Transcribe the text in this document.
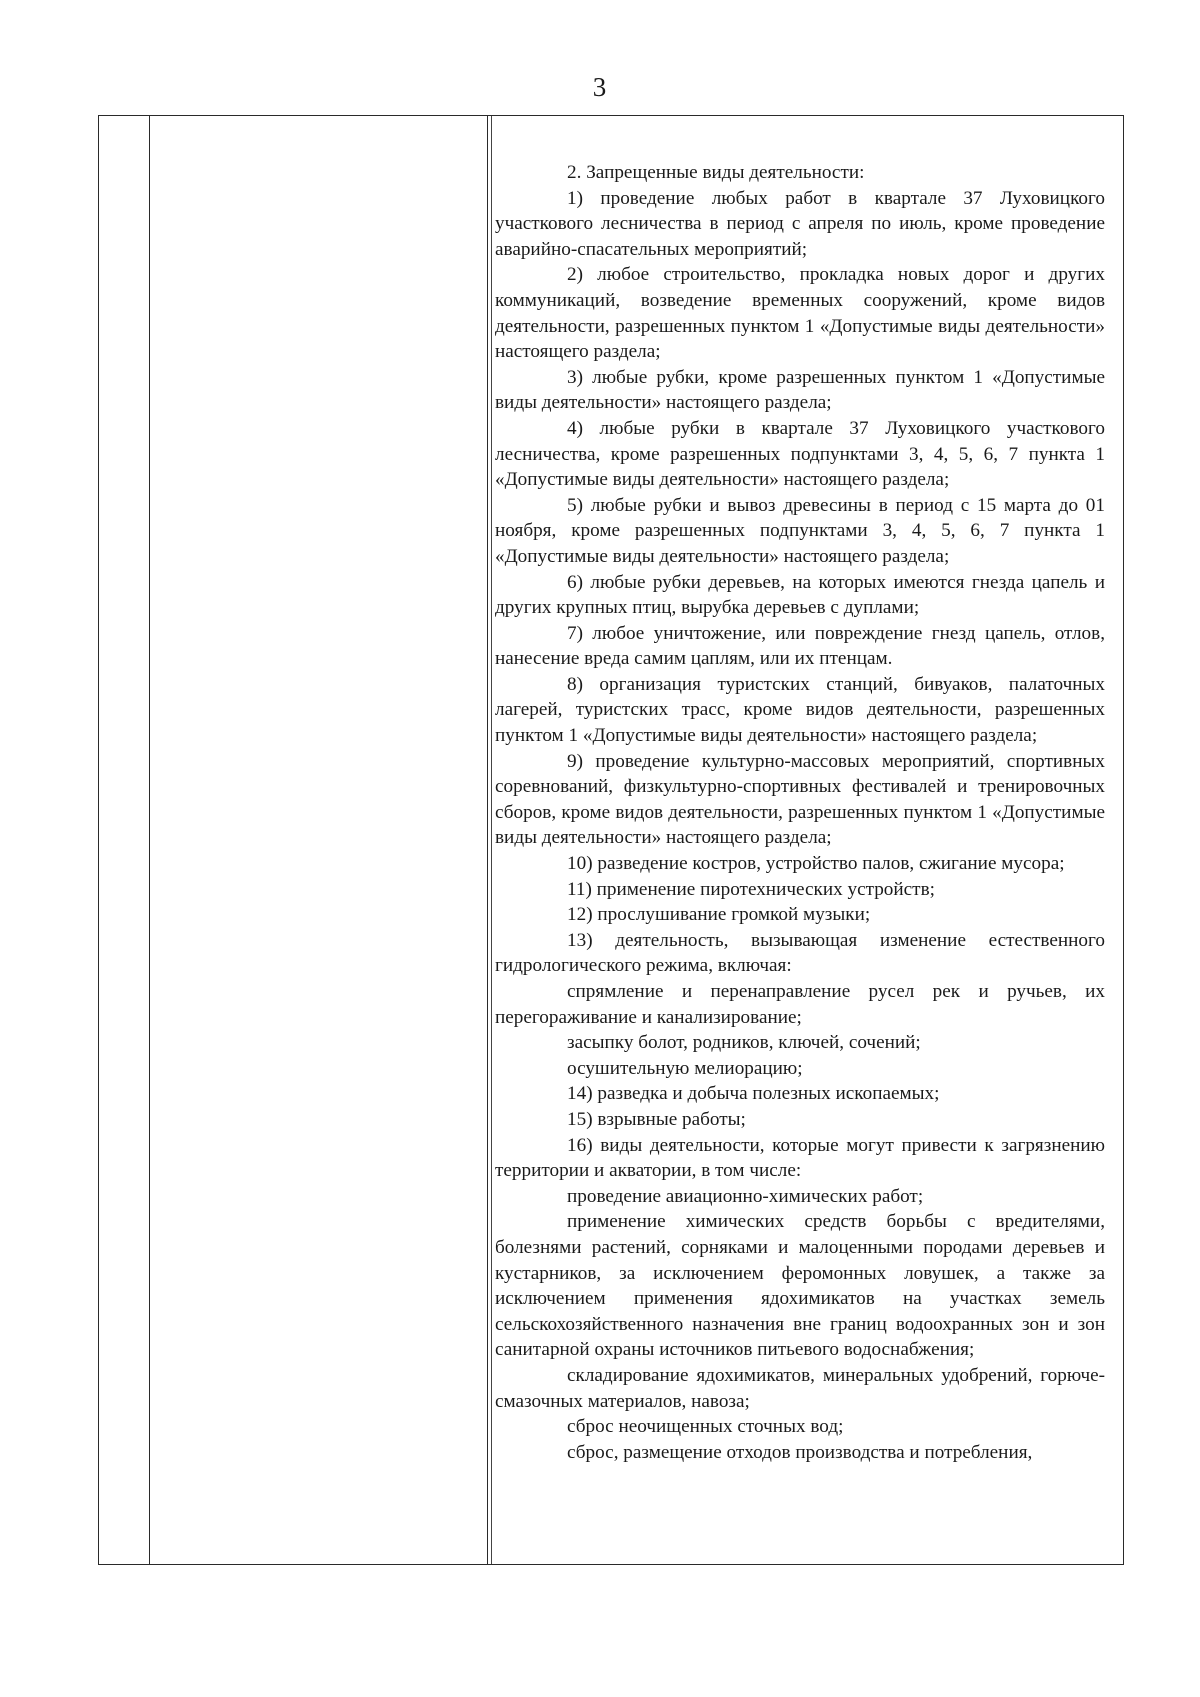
3

2. Запрещенные виды деятельности:

1) проведение любых работ в квартале 37 Луховицкого участкового лесничества в период с апреля по июль, кроме проведение аварийно-спасательных мероприятий;

2) любое строительство, прокладка новых дорог и других коммуникаций, возведение временных сооружений, кроме видов деятельности, разрешенных пунктом 1 «Допустимые виды деятельности» настоящего раздела;

3) любые рубки, кроме разрешенных пунктом 1 «Допустимые виды деятельности» настоящего раздела;

4) любые рубки в квартале 37 Луховицкого участкового лесничества, кроме разрешенных подпунктами 3, 4, 5, 6, 7 пункта 1 «Допустимые виды деятельности» настоящего раздела;

5) любые рубки и вывоз древесины в период с 15 марта до 01 ноября, кроме разрешенных подпунктами 3, 4, 5, 6, 7 пункта 1 «Допустимые виды деятельности» настоящего раздела;

6) любые рубки деревьев, на которых имеются гнезда цапель и других крупных птиц, вырубка деревьев с дуплами;

7) любое уничтожение, или повреждение гнезд цапель, отлов, нанесение вреда самим цаплям, или их птенцам.

8) организация туристских станций, бивуаков, палаточных лагерей, туристских трасс, кроме видов деятельности, разрешенных пунктом 1 «Допустимые виды деятельности» настоящего раздела;

9) проведение культурно-массовых мероприятий, спортивных соревнований, физкультурно-спортивных фестивалей и тренировочных сборов, кроме видов деятельности, разрешенных пунктом 1 «Допустимые виды деятельности» настоящего раздела;

10) разведение костров, устройство палов, сжигание мусора;

11) применение пиротехнических устройств;

12) прослушивание громкой музыки;

13) деятельность, вызывающая изменение естественного гидрологического режима, включая:

спрямление и перенаправление русел рек и ручьев, их перегораживание и канализирование;

засыпку болот, родников, ключей, сочений;

осушительную мелиорацию;

14) разведка и добыча полезных ископаемых;

15) взрывные работы;

16) виды деятельности, которые могут привести к загрязнению территории и акватории, в том числе:

проведение авиационно-химических работ;

применение химических средств борьбы с вредителями, болезнями растений, сорняками и малоценными породами деревьев и кустарников, за исключением феромонных ловушек, а также за исключением применения ядохимикатов на участках земель сельскохозяйственного назначения вне границ водоохранных зон и зон санитарной охраны источников питьевого водоснабжения;

складирование ядохимикатов, минеральных удобрений, горюче-смазочных материалов, навоза;

сброс неочищенных сточных вод;

сброс, размещение отходов производства и потребления,
